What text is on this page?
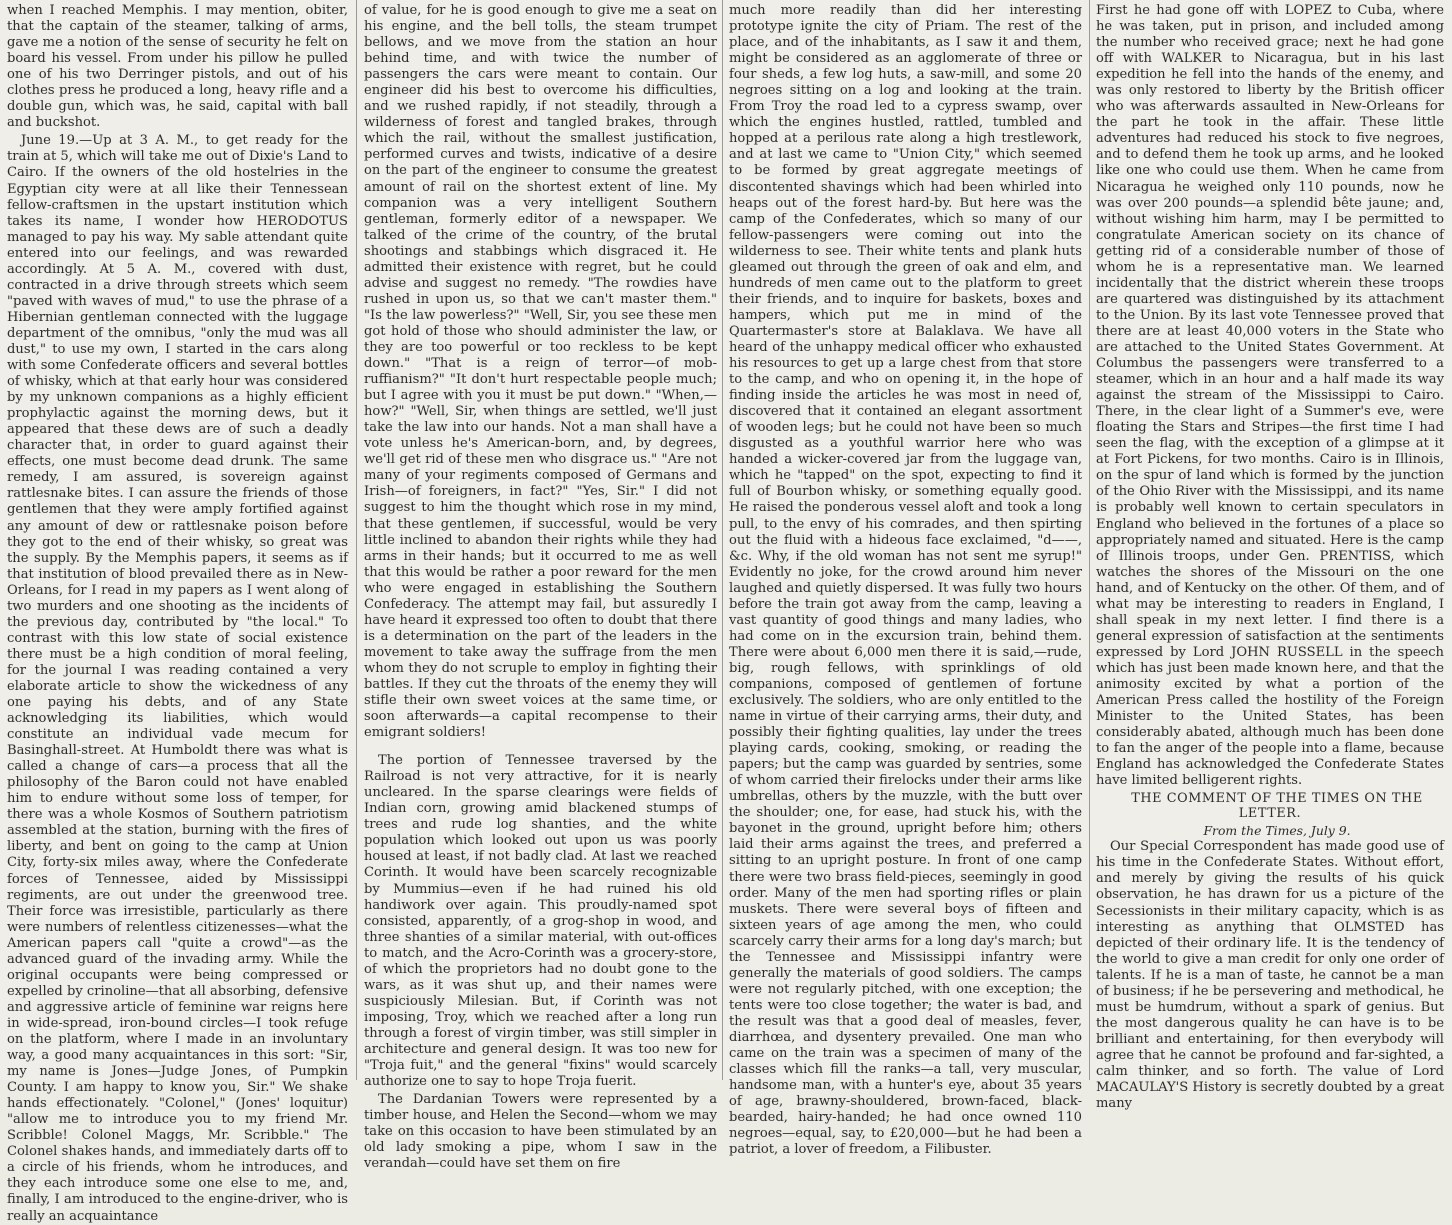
when I reached Memphis. I may mention, obiter, that the captain of the steamer, talking of arms, gave me a notion of the sense of security he felt on board his vessel. From under his pillow he pulled one of his two Derringer pistols, and out of his clothes press he produced a long, heavy rifle and a double gun, which was, he said, capital with ball and buckshot.

June 19.—Up at 3 A. M., to get ready for the train at 5, which will take me out of Dixie's Land to Cairo. If the owners of the old hostelries in the Egyptian city were at all like their Tennessean fellow-craftsmen in the upstart institution which takes its name, I wonder how HERODOTUS managed to pay his way. My sable attendant quite entered into our feelings, and was rewarded accordingly. At 5 A. M., covered with dust, contracted in a drive through streets which seem "paved with waves of mud," to use the phrase of a Hibernian gentleman connected with the luggage department of the omnibus, "only the mud was all dust," to use my own, I started in the cars along with some Confederate officers and several bottles of whisky, which at that early hour was considered by my unknown companions as a highly efficient prophylactic against the morning dews, but it appeared that these dews are of such a deadly character that, in order to guard against their effects, one must become dead drunk. The same remedy, I am assured, is sovereign against rattlesnake bites. I can assure the friends of those gentlemen that they were amply fortified against any amount of dew or rattlesnake poison before they got to the end of their whisky, so great was the supply. By the Memphis papers, it seems as if that institution of blood prevailed there as in New-Orleans, for I read in my papers as I went along of two murders and one shooting as the incidents of the previous day, contributed by "the local." To contrast with this low state of social existence there must be a high condition of moral feeling, for the journal I was reading contained a very elaborate article to show the wickedness of any one paying his debts, and of any State acknowledging its liabilities, which would constitute an individual vade mecum for Basinghall-street. At Humboldt there was what is called a change of cars—a process that all the philosophy of the Baron could not have enabled him to endure without some loss of temper, for there was a whole Kosmos of Southern patriotism assembled at the station, burning with the fires of liberty, and bent on going to the camp at Union City, forty-six miles away, where the Confederate forces of Tennessee, aided by Mississippi regiments, are out under the greenwood tree. Their force was irresistible, particularly as there were numbers of relentless citizenesses—what the American papers call "quite a crowd"—as the advanced guard of the invading army. While the original occupants were being compressed or expelled by crinoline—that all absorbing, defensive and aggressive article of feminine war reigns here in wide-spread, iron-bound circles—I took refuge on the platform, where I made in an involuntary way, a good many acquaintances in this sort: "Sir, my name is Jones—Judge Jones, of Pumpkin County. I am happy to know you, Sir." We shake hands effectionately. "Colonel," (Jones' loquitur) "allow me to introduce you to my friend Mr. Scribble! Colonel Maggs, Mr. Scribble." The Colonel shakes hands, and immediately darts off to a circle of his friends, whom he introduces, and they each introduce some one else to me, and, finally, I am introduced to the engine-driver, who is really an acquaintance

of value, for he is good enough to give me a seat on his engine, and the bell tolls, the steam trumpet bellows, and we move from the station an hour behind time, and with twice the number of passengers the cars were meant to contain. Our engineer did his best to overcome his difficulties, and we rushed rapidly, if not steadily, through a wilderness of forest and tangled brakes, through which the rail, without the smallest justification, performed curves and twists, indicative of a desire on the part of the engineer to consume the greatest amount of rail on the shortest extent of line. My companion was a very intelligent Southern gentleman, formerly editor of a newspaper. We talked of the crime of the country, of the brutal shootings and stabbings which disgraced it. He admitted their existence with regret, but he could advise and suggest no remedy. "The rowdies have rushed in upon us, so that we can't master them." "Is the law powerless?" "Well, Sir, you see these men got hold of those who should administer the law, or they are too powerful or too reckless to be kept down." "That is a reign of terror—of mob-ruffianism?" "It don't hurt respectable people much; but I agree with you it must be put down." "When,—how?" "Well, Sir, when things are settled, we'll just take the law into our hands. Not a man shall have a vote unless he's American-born, and, by degrees, we'll get rid of these men who disgrace us." "Are not many of your regiments composed of Germans and Irish—of foreigners, in fact?" "Yes, Sir." I did not suggest to him the thought which rose in my mind, that these gentlemen, if successful, would be very little inclined to abandon their rights while they had arms in their hands; but it occurred to me as well that this would be rather a poor reward for the men who were engaged in establishing the Southern Confederacy. The attempt may fail, but assuredly I have heard it expressed too often to doubt that there is a determination on the part of the leaders in the movement to take away the suffrage from the men whom they do not scruple to employ in fighting their battles. If they cut the throats of the enemy they will stifle their own sweet voices at the same time, or soon afterwards—a capital recompense to their emigrant soldiers!

The portion of Tennessee traversed by the Railroad is not very attractive, for it is nearly uncleared. In the sparse clearings were fields of Indian corn, growing amid blackened stumps of trees and rude log shanties, and the white population which looked out upon us was poorly housed at least, if not badly clad. At last we reached Corinth. It would have been scarcely recognizable by Mummius—even if he had ruined his old handiwork over again. This proudly-named spot consisted, apparently, of a grog-shop in wood, and three shanties of a similar material, with out-offices to match, and the Acro-Corinth was a grocery-store, of which the proprietors had no doubt gone to the wars, as it was shut up, and their names were suspiciously Milesian. But, if Corinth was not imposing, Troy, which we reached after a long run through a forest of virgin timber, was still simpler in architecture and general design. It was too new for "Troja fuit," and the general "fixins" would scarcely authorize one to say to hope Troja fuerit.

The Dardanian Towers were represented by a timber house, and Helen the Second—whom we may take on this occasion to have been stimulated by an old lady smoking a pipe, whom I saw in the verandah—could have set them on fire

much more readily than did her interesting prototype ignite the city of Priam. The rest of the place, and of the inhabitants, as I saw it and them, might be considered as an agglomerate of three or four sheds, a few log huts, a saw-mill, and some 20 negroes sitting on a log and looking at the train. From Troy the road led to a cypress swamp, over which the engines hustled, rattled, tumbled and hopped at a perilous rate along a high trestlework, and at last we came to "Union City," which seemed to be formed by great aggregate meetings of discontented shavings which had been whirled into heaps out of the forest hard-by. But here was the camp of the Confederates, which so many of our fellow-passengers were coming out into the wilderness to see. Their white tents and plank huts gleamed out through the green of oak and elm, and hundreds of men came out to the platform to greet their friends, and to inquire for baskets, boxes and hampers, which put me in mind of the Quartermaster's store at Balaklava. We have all heard of the unhappy medical officer who exhausted his resources to get up a large chest from that store to the camp, and who on opening it, in the hope of finding inside the articles he was most in need of, discovered that it contained an elegant assortment of wooden legs; but he could not have been so much disgusted as a youthful warrior here who was handed a wicker-covered jar from the luggage van, which he "tapped" on the spot, expecting to find it full of Bourbon whisky, or something equally good. He raised the ponderous vessel aloft and took a long pull, to the envy of his comrades, and then spirting out the fluid with a hideous face exclaimed, "d——, &c. Why, if the old woman has not sent me syrup!" Evidently no joke, for the crowd around him never laughed and quietly dispersed. It was fully two hours before the train got away from the camp, leaving a vast quantity of good things and many ladies, who had come on in the excursion train, behind them. There were about 6,000 men there it is said,—rude, big, rough fellows, with sprinklings of old companions, composed of gentlemen of fortune exclusively. The soldiers, who are only entitled to the name in virtue of their carrying arms, their duty, and possibly their fighting qualities, lay under the trees playing cards, cooking, smoking, or reading the papers; but the camp was guarded by sentries, some of whom carried their firelocks under their arms like umbrellas, others by the muzzle, with the butt over the shoulder; one, for ease, had stuck his, with the bayonet in the ground, upright before him; others laid their arms against the trees, and preferred a sitting to an upright posture. In front of one camp there were two brass field-pieces, seemingly in good order. Many of the men had sporting rifles or plain muskets. There were several boys of fifteen and sixteen years of age among the men, who could scarcely carry their arms for a long day's march; but the Tennessee and Mississippi infantry were generally the materials of good soldiers. The camps were not regularly pitched, with one exception; the tents were too close together; the water is bad, and the result was that a good deal of measles, fever, diarrhœa, and dysentery prevailed. One man who came on the train was a specimen of many of the classes which fill the ranks—a tall, very muscular, handsome man, with a hunter's eye, about 35 years of age, brawny-shouldered, brown-faced, black-bearded, hairy-handed; he had once owned 110 negroes—equal, say, to £20,000—but he had been a patriot, a lover of freedom, a Filibuster.

First he had gone off with LOPEZ to Cuba, where he was taken, put in prison, and included among the number who received grace; next he had gone off with WALKER to Nicaragua, but in his last expedition he fell into the hands of the enemy, and was only restored to liberty by the British officer who was afterwards assaulted in New-Orleans for the part he took in the affair. These little adventures had reduced his stock to five negroes, and to defend them he took up arms, and he looked like one who could use them. When he came from Nicaragua he weighed only 110 pounds, now he was over 200 pounds—a splendid bête jaune; and, without wishing him harm, may I be permitted to congratulate American society on its chance of getting rid of a considerable number of those of whom he is a representative man. We learned incidentally that the district wherein these troops are quartered was distinguished by its attachment to the Union. By its last vote Tennessee proved that there are at least 40,000 voters in the State who are attached to the United States Government. At Columbus the passengers were transferred to a steamer, which in an hour and a half made its way against the stream of the Mississippi to Cairo. There, in the clear light of a Summer's eve, were floating the Stars and Stripes—the first time I had seen the flag, with the exception of a glimpse at it at Fort Pickens, for two months. Cairo is in Illinois, on the spur of land which is formed by the junction of the Ohio River with the Mississippi, and its name is probably well known to certain speculators in England who believed in the fortunes of a place so appropriately named and situated. Here is the camp of Illinois troops, under Gen. PRENTISS, which watches the shores of the Missouri on the one hand, and of Kentucky on the other. Of them, and of what may be interesting to readers in England, I shall speak in my next letter. I find there is a general expression of satisfaction at the sentiments expressed by Lord JOHN RUSSELL in the speech which has just been made known here, and that the animosity excited by what a portion of the American Press called the hostility of the Foreign Minister to the United States, has been considerably abated, although much has been done to fan the anger of the people into a flame, because England has acknowledged the Confederate States have limited belligerent rights.

THE COMMENT OF THE TIMES ON THE LETTER.

From the Times, July 9.

Our Special Correspondent has made good use of his time in the Confederate States. Without effort, and merely by giving the results of his quick observation, he has drawn for us a picture of the Secessionists in their military capacity, which is as interesting as anything that OLMSTED has depicted of their ordinary life. It is the tendency of the world to give a man credit for only one order of talents. If he is a man of taste, he cannot be a man of business; if he be persevering and methodical, he must be humdrum, without a spark of genius. But the most dangerous quality he can have is to be brilliant and entertaining, for then everybody will agree that he cannot be profound and far-sighted, a calm thinker, and so forth. The value of Lord MACAULAY'S History is secretly doubted by a great many
